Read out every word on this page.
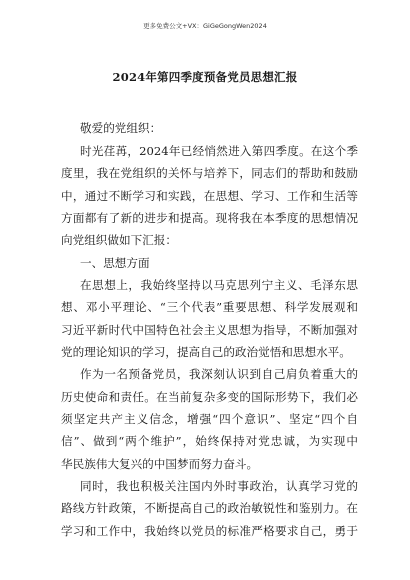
更多免费公文+VX：GiGeGongWen2024
2024年第四季度预备党员思想汇报
敬爱的党组织：
时光荏苒，2024年已经悄然进入第四季度。在这个季
度里，我在党组织的关怀与培养下，同志们的帮助和鼓励
中，通过不断学习和实践，在思想、学习、工作和生活等
方面都有了新的进步和提高。现将我在本季度的思想情况
向党组织做如下汇报：
一、思想方面
在思想上，我始终坚持以马克思列宁主义、毛泽东思
想、邓小平理论、“三个代表”重要思想、科学发展观和
习近平新时代中国特色社会主义思想为指导，不断加强对
党的理论知识的学习，提高自己的政治觉悟和思想水平。
作为一名预备党员，我深刻认识到自己肩负着重大的
历史使命和责任。在当前复杂多变的国际形势下，我们必
须坚定共产主义信念，增强“四个意识”、坚定“四个自
信”、做到“两个维护”，始终保持对党忠诚，为实现中
华民族伟大复兴的中国梦而努力奋斗。
同时，我也积极关注国内外时事政治，认真学习党的
路线方针政策，不断提高自己的政治敏锐性和鉴别力。在
学习和工作中，我始终以党员的标准严格要求自己，勇于
